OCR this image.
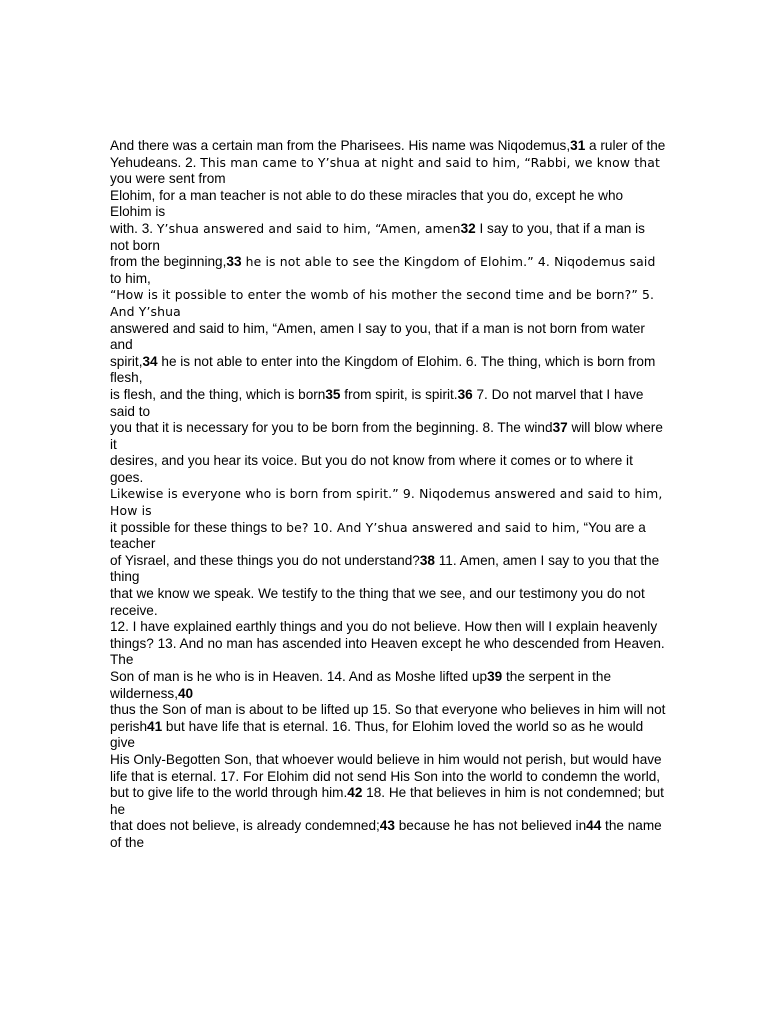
And there was a certain man from the Pharisees. His name was Niqodemus,31 a ruler of the
Yehudeans. 2. This man came to Y’shua at night and said to him, “Rabbi, we know that you were sent from
Elohim, for a man teacher is not able to do these miracles that you do, except he who Elohim is
with. 3. Y’shua answered and said to him, “Amen, amen32 I say to you, that if a man is not born
from the beginning,33 he is not able to see the Kingdom of Elohim.” 4. Niqodemus said to him,
“How is it possible to enter the womb of his mother the second time and be born?” 5. And Y’shua
answered and said to him, “Amen, amen I say to you, that if a man is not born from water and
spirit,34 he is not able to enter into the Kingdom of Elohim. 6. The thing, which is born from flesh,
is flesh, and the thing, which is born35 from spirit, is spirit.36 7. Do not marvel that I have said to
you that it is necessary for you to be born from the beginning. 8. The wind37 will blow where it
desires, and you hear its voice. But you do not know from where it comes or to where it goes.
Likewise is everyone who is born from spirit.” 9. Niqodemus answered and said to him, How is
it possible for these things to be? 10. And Y’shua answered and said to him, “You are a teacher
of Yisrael, and these things you do not understand?38 11. Amen, amen I say to you that the thing
that we know we speak. We testify to the thing that we see, and our testimony you do not receive.
12. I have explained earthly things and you do not believe. How then will I explain heavenly
things? 13. And no man has ascended into Heaven except he who descended from Heaven. The
Son of man is he who is in Heaven. 14. And as Moshe lifted up39 the serpent in the wilderness,40
thus the Son of man is about to be lifted up 15. So that everyone who believes in him will not
perish41 but have life that is eternal. 16. Thus, for Elohim loved the world so as he would give
His Only-Begotten Son, that whoever would believe in him would not perish, but would have
life that is eternal. 17. For Elohim did not send His Son into the world to condemn the world,
but to give life to the world through him.42 18. He that believes in him is not condemned; but he
that does not believe, is already condemned;43 because he has not believed in44 the name of the
